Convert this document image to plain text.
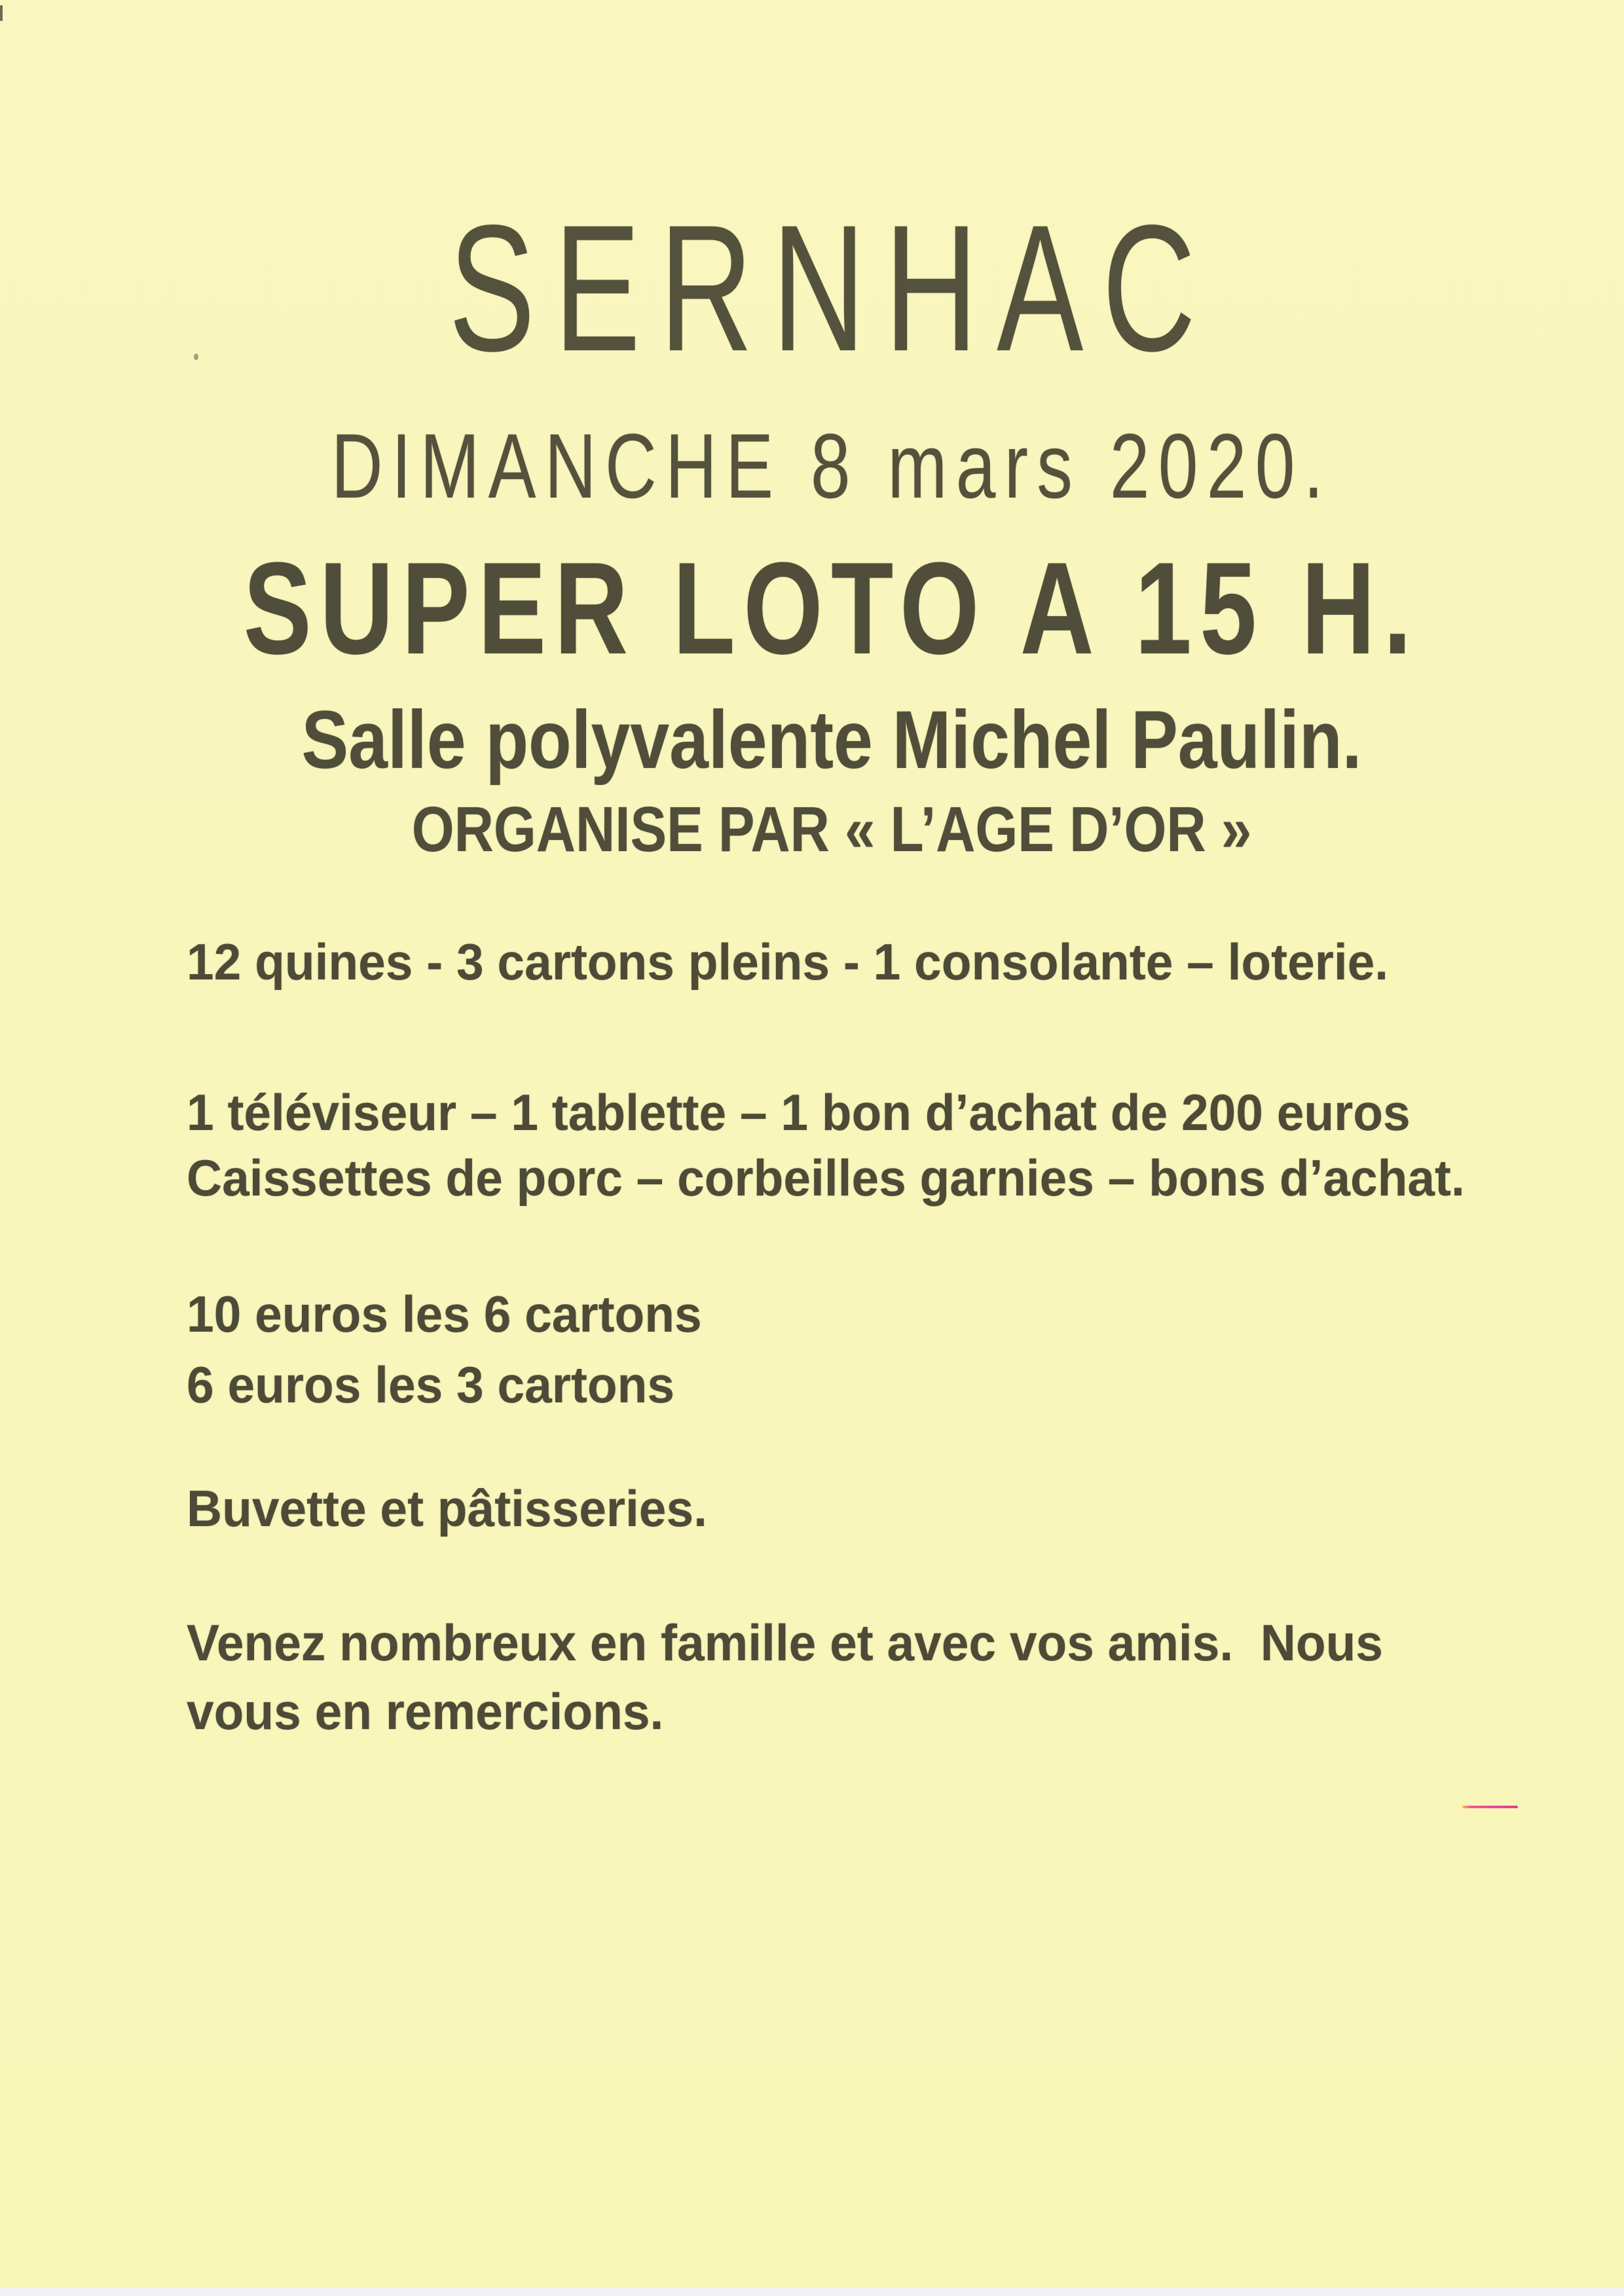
SERNHAC
DIMANCHE 8 mars 2020.
SUPER LOTO A 15 H.
Salle polyvalente Michel Paulin.
ORGANISE PAR « L’AGE D’OR »
12 quines - 3 cartons pleins - 1 consolante – loterie.
1 téléviseur – 1 tablette – 1 bon d’achat de 200 euros
Caissettes de porc – corbeilles garnies – bons d’achat.
10 euros les 6 cartons
6 euros les 3 cartons
Buvette et pâtisseries.
Venez nombreux en famille et avec vos amis.  Nous
vous en remercions.
